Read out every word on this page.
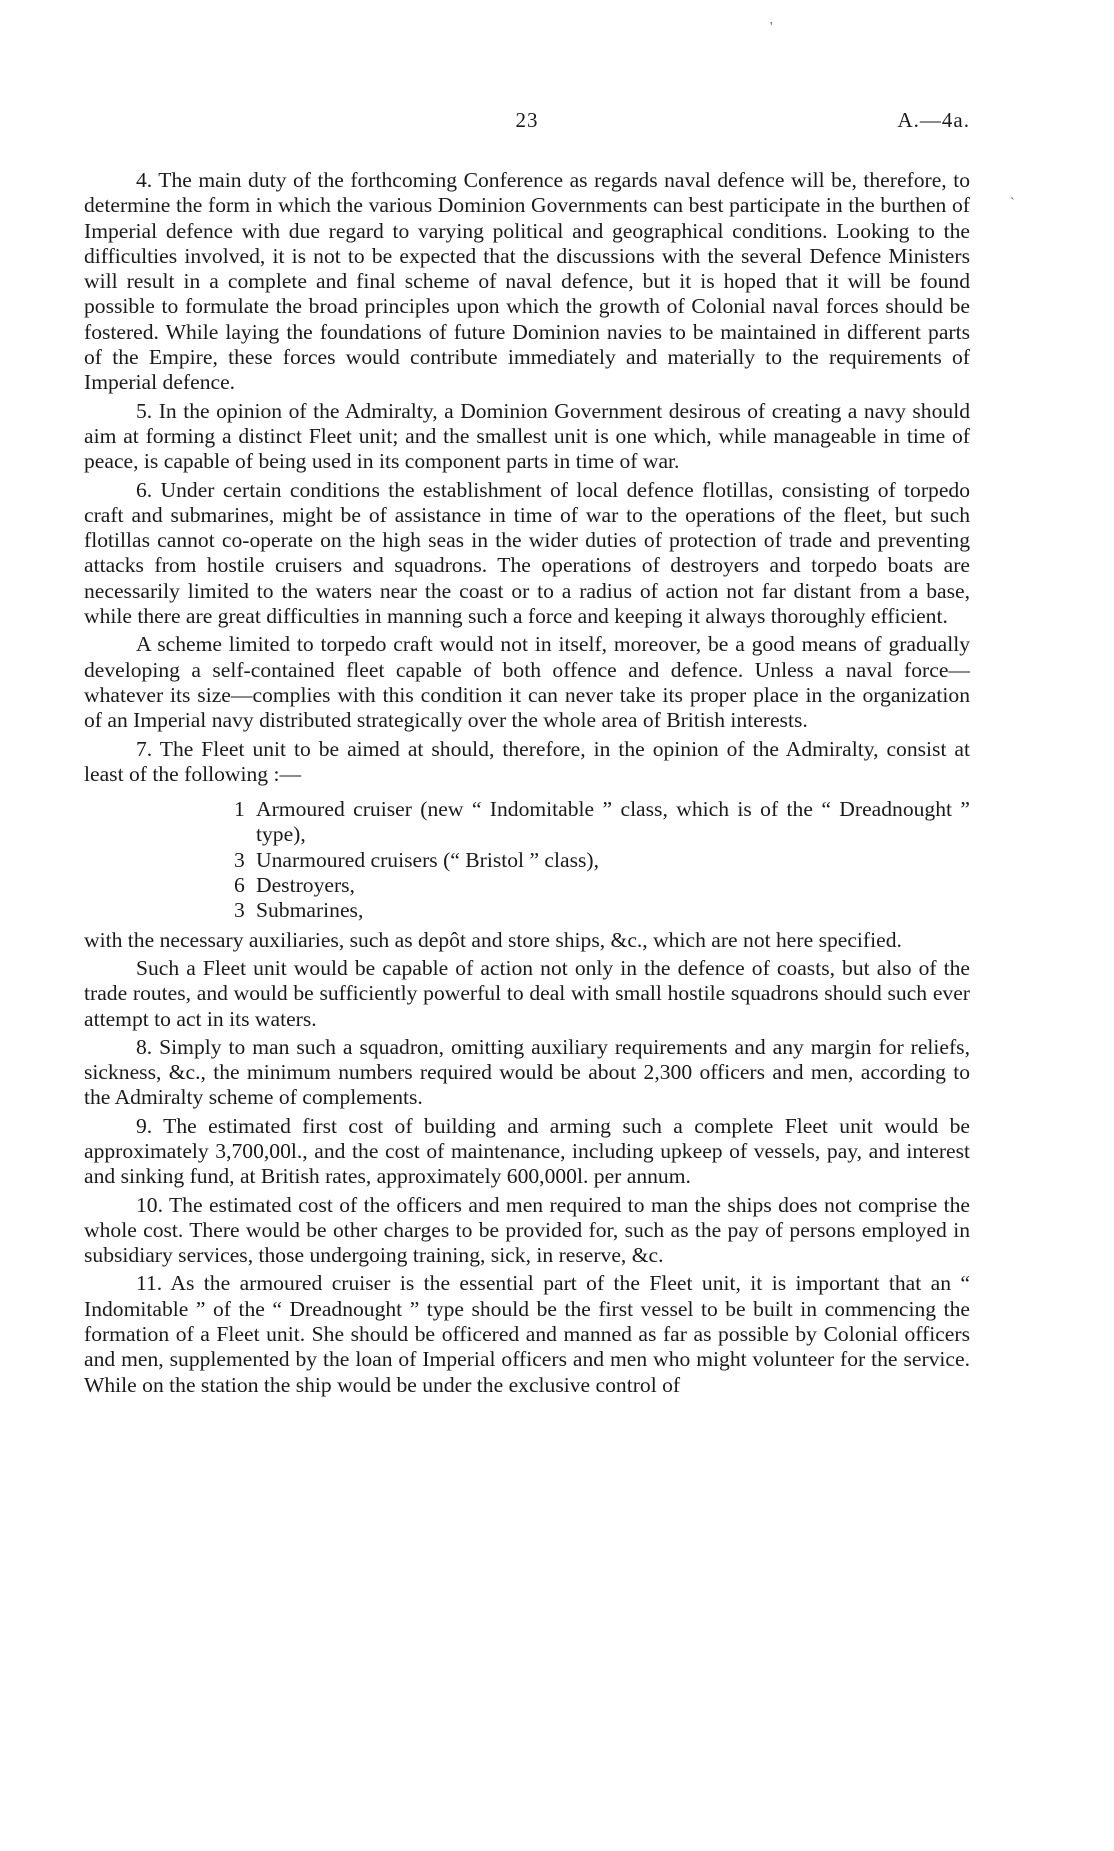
23	A.—4a.

4. The main duty of the forthcoming Conference as regards naval defence will be, therefore, to determine the form in which the various Dominion Governments can best participate in the burthen of Imperial defence with due regard to varying political and geographical conditions. Looking to the difficulties involved, it is not to be expected that the discussions with the several Defence Ministers will result in a complete and final scheme of naval defence, but it is hoped that it will be found possible to formulate the broad principles upon which the growth of Colonial naval forces should be fostered. While laying the foundations of future Dominion navies to be maintained in different parts of the Empire, these forces would contribute immediately and materially to the requirements of Imperial defence.

5. In the opinion of the Admiralty, a Dominion Government desirous of creating a navy should aim at forming a distinct Fleet unit; and the smallest unit is one which, while manageable in time of peace, is capable of being used in its component parts in time of war.

6. Under certain conditions the establishment of local defence flotillas, consisting of torpedo craft and submarines, might be of assistance in time of war to the operations of the fleet, but such flotillas cannot co-operate on the high seas in the wider duties of protection of trade and preventing attacks from hostile cruisers and squadrons. The operations of destroyers and torpedo boats are necessarily limited to the waters near the coast or to a radius of action not far distant from a base, while there are great difficulties in manning such a force and keeping it always thoroughly efficient.

A scheme limited to torpedo craft would not in itself, moreover, be a good means of gradually developing a self-contained fleet capable of both offence and defence. Unless a naval force—whatever its size—complies with this condition it can never take its proper place in the organization of an Imperial navy distributed strategically over the whole area of British interests.

7. The Fleet unit to be aimed at should, therefore, in the opinion of the Admiralty, consist at least of the following :—

1 Armoured cruiser (new “ Indomitable ” class, which is of the “ Dreadnought ” type),
3 Unarmoured cruisers (“ Bristol ” class),
6 Destroyers,
3 Submarines,

with the necessary auxiliaries, such as depôt and store ships, &c., which are not here specified.

Such a Fleet unit would be capable of action not only in the defence of coasts, but also of the trade routes, and would be sufficiently powerful to deal with small hostile squadrons should such ever attempt to act in its waters.

8. Simply to man such a squadron, omitting auxiliary requirements and any margin for reliefs, sickness, &c., the minimum numbers required would be about 2,300 officers and men, according to the Admiralty scheme of complements.

9. The estimated first cost of building and arming such a complete Fleet unit would be approximately 3,700,00l., and the cost of maintenance, including upkeep of vessels, pay, and interest and sinking fund, at British rates, approximately 600,000l. per annum.

10. The estimated cost of the officers and men required to man the ships does not comprise the whole cost. There would be other charges to be provided for, such as the pay of persons employed in subsidiary services, those undergoing training, sick, in reserve, &c.

11. As the armoured cruiser is the essential part of the Fleet unit, it is important that an “ Indomitable ” of the “ Dreadnought ” type should be the first vessel to be built in commencing the formation of a Fleet unit. She should be officered and manned as far as possible by Colonial officers and men, supplemented by the loan of Imperial officers and men who might volunteer for the service. While on the station the ship would be under the exclusive control of

'
`
